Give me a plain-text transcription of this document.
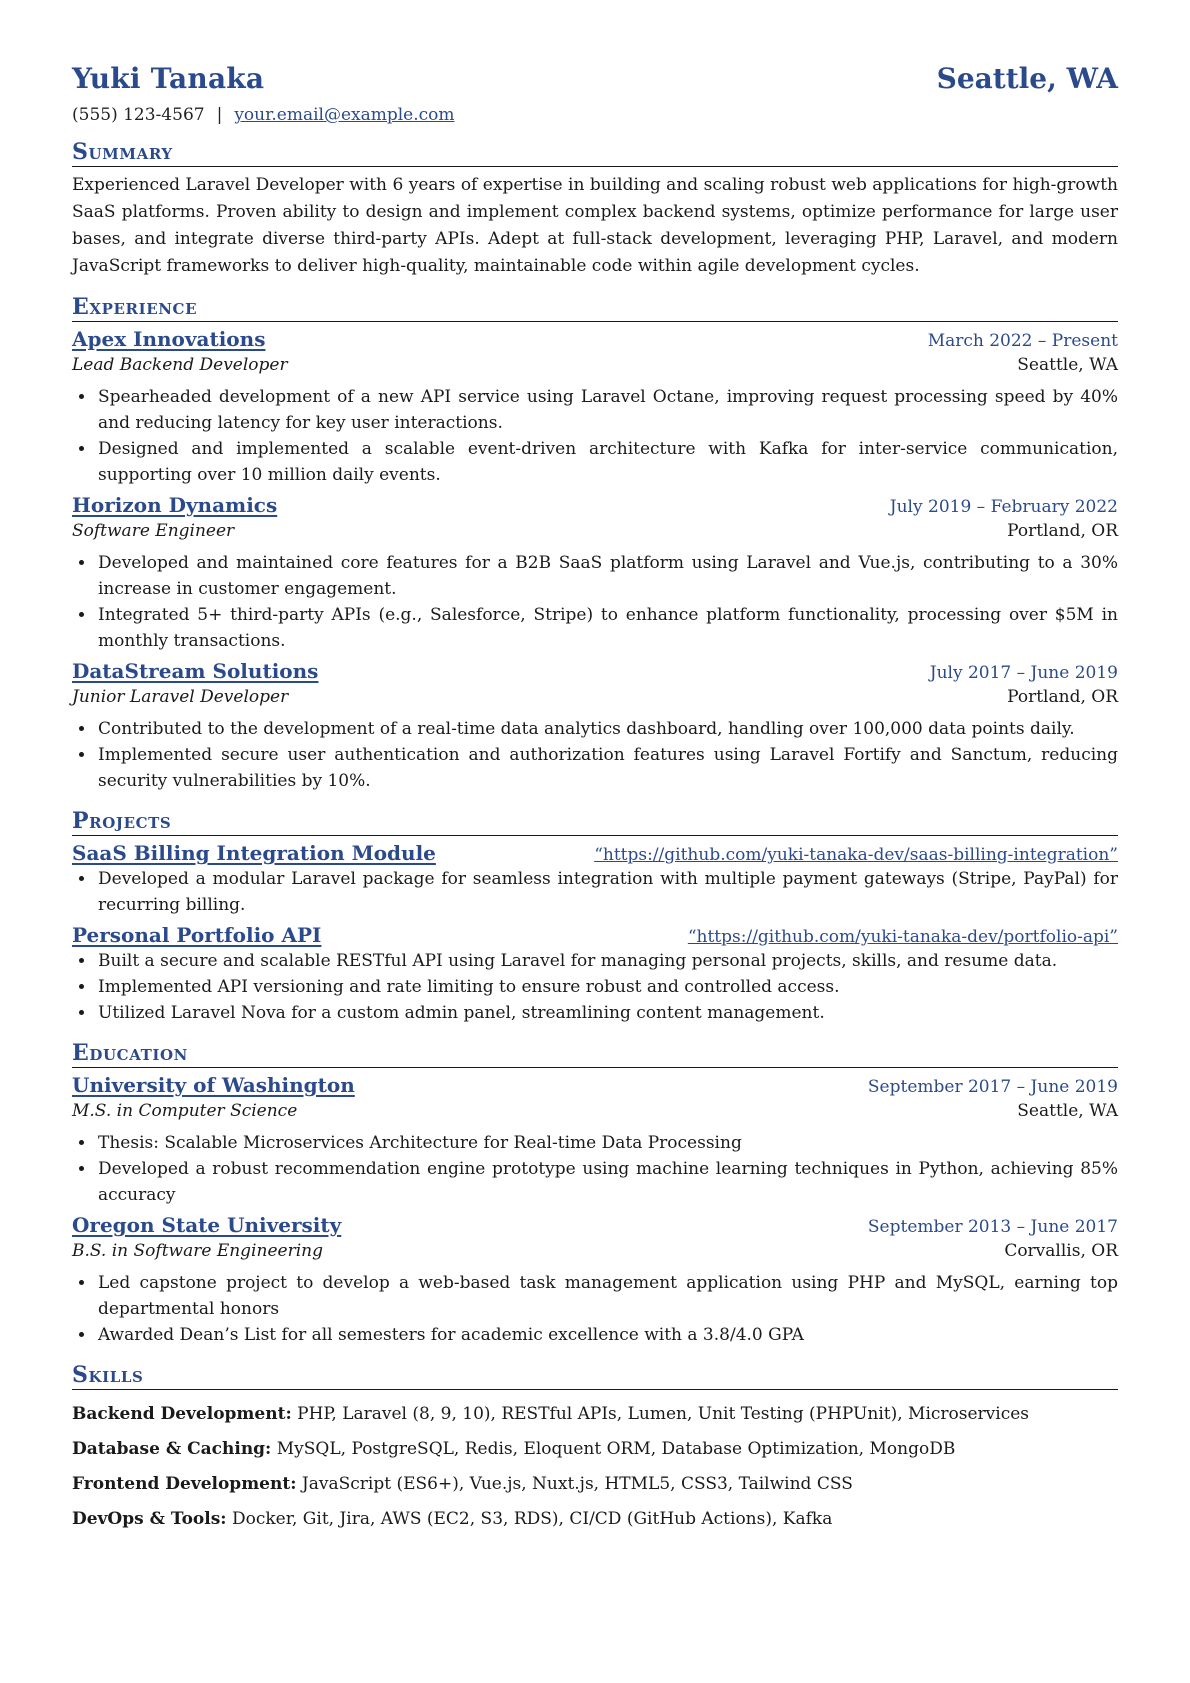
Yuki Tanaka	Seattle, WA
(555) 123-4567 | your.email@example.com
Summary
Experienced Laravel Developer with 6 years of expertise in building and scaling robust web applications for high-growth SaaS platforms. Proven ability to design and implement complex backend systems, optimize performance for large user bases, and integrate diverse third-party APIs. Adept at full-stack development, leveraging PHP, Laravel, and modern JavaScript frameworks to deliver high-quality, maintainable code within agile development cycles.
Experience
Apex Innovations	March 2022 – Present
Lead Backend Developer	Seattle, WA
• Spearheaded development of a new API service using Laravel Octane, improving request processing speed by 40% and reducing latency for key user interactions.
• Designed and implemented a scalable event-driven architecture with Kafka for inter-service communication, supporting over 10 million daily events.
Horizon Dynamics	July 2019 – February 2022
Software Engineer	Portland, OR
• Developed and maintained core features for a B2B SaaS platform using Laravel and Vue.js, contributing to a 30% increase in customer engagement.
• Integrated 5+ third-party APIs (e.g., Salesforce, Stripe) to enhance platform functionality, processing over $5M in monthly transactions.
DataStream Solutions	July 2017 – June 2019
Junior Laravel Developer	Portland, OR
• Contributed to the development of a real-time data analytics dashboard, handling over 100,000 data points daily.
• Implemented secure user authentication and authorization features using Laravel Fortify and Sanctum, reducing security vulnerabilities by 10%.
Projects
SaaS Billing Integration Module	“https://github.com/yuki-tanaka-dev/saas-billing-integration”
• Developed a modular Laravel package for seamless integration with multiple payment gateways (Stripe, PayPal) for recurring billing.
Personal Portfolio API	“https://github.com/yuki-tanaka-dev/portfolio-api”
• Built a secure and scalable RESTful API using Laravel for managing personal projects, skills, and resume data.
• Implemented API versioning and rate limiting to ensure robust and controlled access.
• Utilized Laravel Nova for a custom admin panel, streamlining content management.
Education
University of Washington	September 2017 – June 2019
M.S. in Computer Science	Seattle, WA
• Thesis: Scalable Microservices Architecture for Real-time Data Processing
• Developed a robust recommendation engine prototype using machine learning techniques in Python, achieving 85% accuracy
Oregon State University	September 2013 – June 2017
B.S. in Software Engineering	Corvallis, OR
• Led capstone project to develop a web-based task management application using PHP and MySQL, earning top departmental honors
• Awarded Dean’s List for all semesters for academic excellence with a 3.8/4.0 GPA
Skills
Backend Development: PHP, Laravel (8, 9, 10), RESTful APIs, Lumen, Unit Testing (PHPUnit), Microservices
Database & Caching: MySQL, PostgreSQL, Redis, Eloquent ORM, Database Optimization, MongoDB
Frontend Development: JavaScript (ES6+), Vue.js, Nuxt.js, HTML5, CSS3, Tailwind CSS
DevOps & Tools: Docker, Git, Jira, AWS (EC2, S3, RDS), CI/CD (GitHub Actions), Kafka
